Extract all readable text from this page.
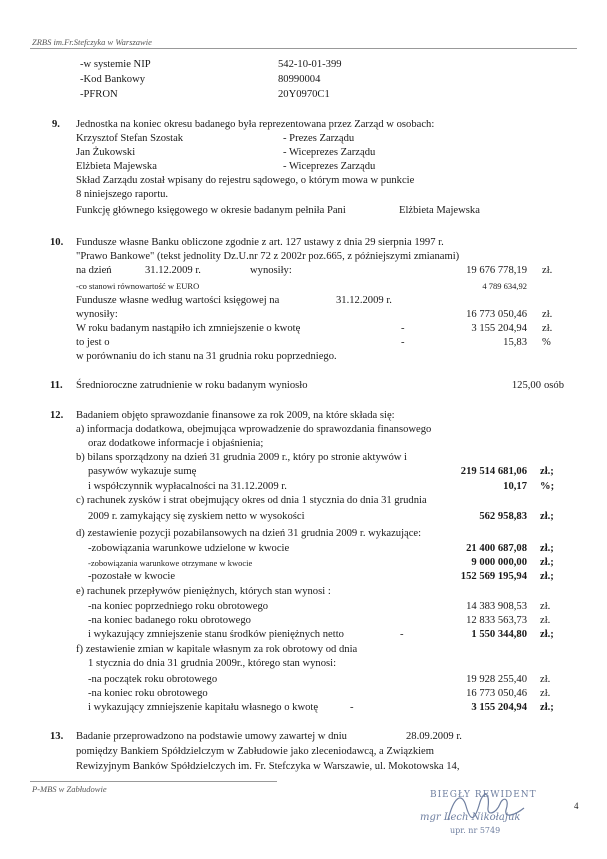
ZRBS im.Fr.Stefczyka w Warszawie
-w systemie NIP	542-10-01-399
-Kod Bankowy	80990004
-PFRON	20Y0970C1
9. Jednostka na koniec okresu badanego była reprezentowana przez Zarząd w osobach:
Krzysztof Stefan Szostak	- Prezes Zarządu
Jan Żukowski	- Wiceprezes Zarządu
Elżbieta Majewska	- Wiceprezes Zarządu
Skład Zarządu został wpisany do rejestru sądowego, o którym mowa w punkcie
8 niniejszego raportu.
Funkcję głównego księgowego w okresie badanym pełniła Pani	Elżbieta Majewska
10. Fundusze własne Banku obliczone zgodnie z art. 127 ustawy z dnia 29 sierpnia 1997 r.
"Prawo Bankowe" (tekst jednolity Dz.U.nr 72 z 2002r poz.665, z późniejszymi zmianami)
na dzień	31.12.2009 r.	wynosiły:	19 676 778,19 zł.
-co stanowi równowartość w EURO	4 789 634,92
Fundusze własne według wartości księgowej na	31.12.2009 r.
wynosiły:	16 773 050,46 zł.
W roku badanym nastąpiło ich zmniejszenie o kwotę	-	3 155 204,94 zł.
to jest o	-	15,83 %
w porównaniu do ich stanu na 31 grudnia roku poprzedniego.
11. Średnioroczne zatrudnienie w roku badanym wyniosło	125,00 osób
12. Badaniem objęto sprawozdanie finansowe za rok 2009, na które składa się:
a) informacja dodatkowa, obejmująca wprowadzenie do sprawozdania finansowego
oraz dodatkowe informacje i objaśnienia;
b) bilans sporządzony na dzień 31 grudnia 2009 r., który po stronie aktywów i
pasywów wykazuje sumę	219 514 681,06 zł.;
i współczynnik wypłacalności na 31.12.2009 r.	10,17 %;
c) rachunek zysków i strat obejmujący okres od dnia 1 stycznia do dnia 31 grudnia
2009 r. zamykający się zyskiem netto w wysokości	562 958,83 zł.;
d) zestawienie pozycji pozabilansowych na dzień 31 grudnia 2009 r. wykazujące:
-zobowiązania warunkowe udzielone w kwocie	21 400 687,08 zł.;
-zobowiązania warunkowe otrzymane w kwocie	9 000 000,00 zł.;
-pozostałe w kwocie	152 569 195,94 zł.;
e) rachunek przepływów pieniężnych, których stan wynosi :
-na koniec poprzedniego roku obrotowego	14 383 908,53 zł.
-na koniec badanego roku obrotowego	12 833 563,73 zł.
i wykazujący zmniejszenie stanu środków pieniężnych netto	-	1 550 344,80 zł.;
f) zestawienie zmian w kapitale własnym za rok obrotowy od dnia
1 stycznia do dnia 31 grudnia 2009r., którego stan wynosi:
-na początek roku obrotowego	19 928 255,40 zł.
-na koniec roku obrotowego	16 773 050,46 zł.
i wykazujący zmniejszenie kapitału własnego o kwotę	-	3 155 204,94 zł.;
13. Badanie przeprowadzono na podstawie umowy zawartej w dniu	28.09.2009 r.
pomiędzy Bankiem Spółdzielczym w Zabłudowie jako zleceniodawcą, a Związkiem
Rewizyjnym Banków Spółdzielczych im. Fr. Stefczyka w Warszawie, ul. Mokotowska 14,
P-MBS w Zabłudowie
BIEGŁY REWIDENT
mgr Lech Nikołajuk
upr. nr 5749
4
